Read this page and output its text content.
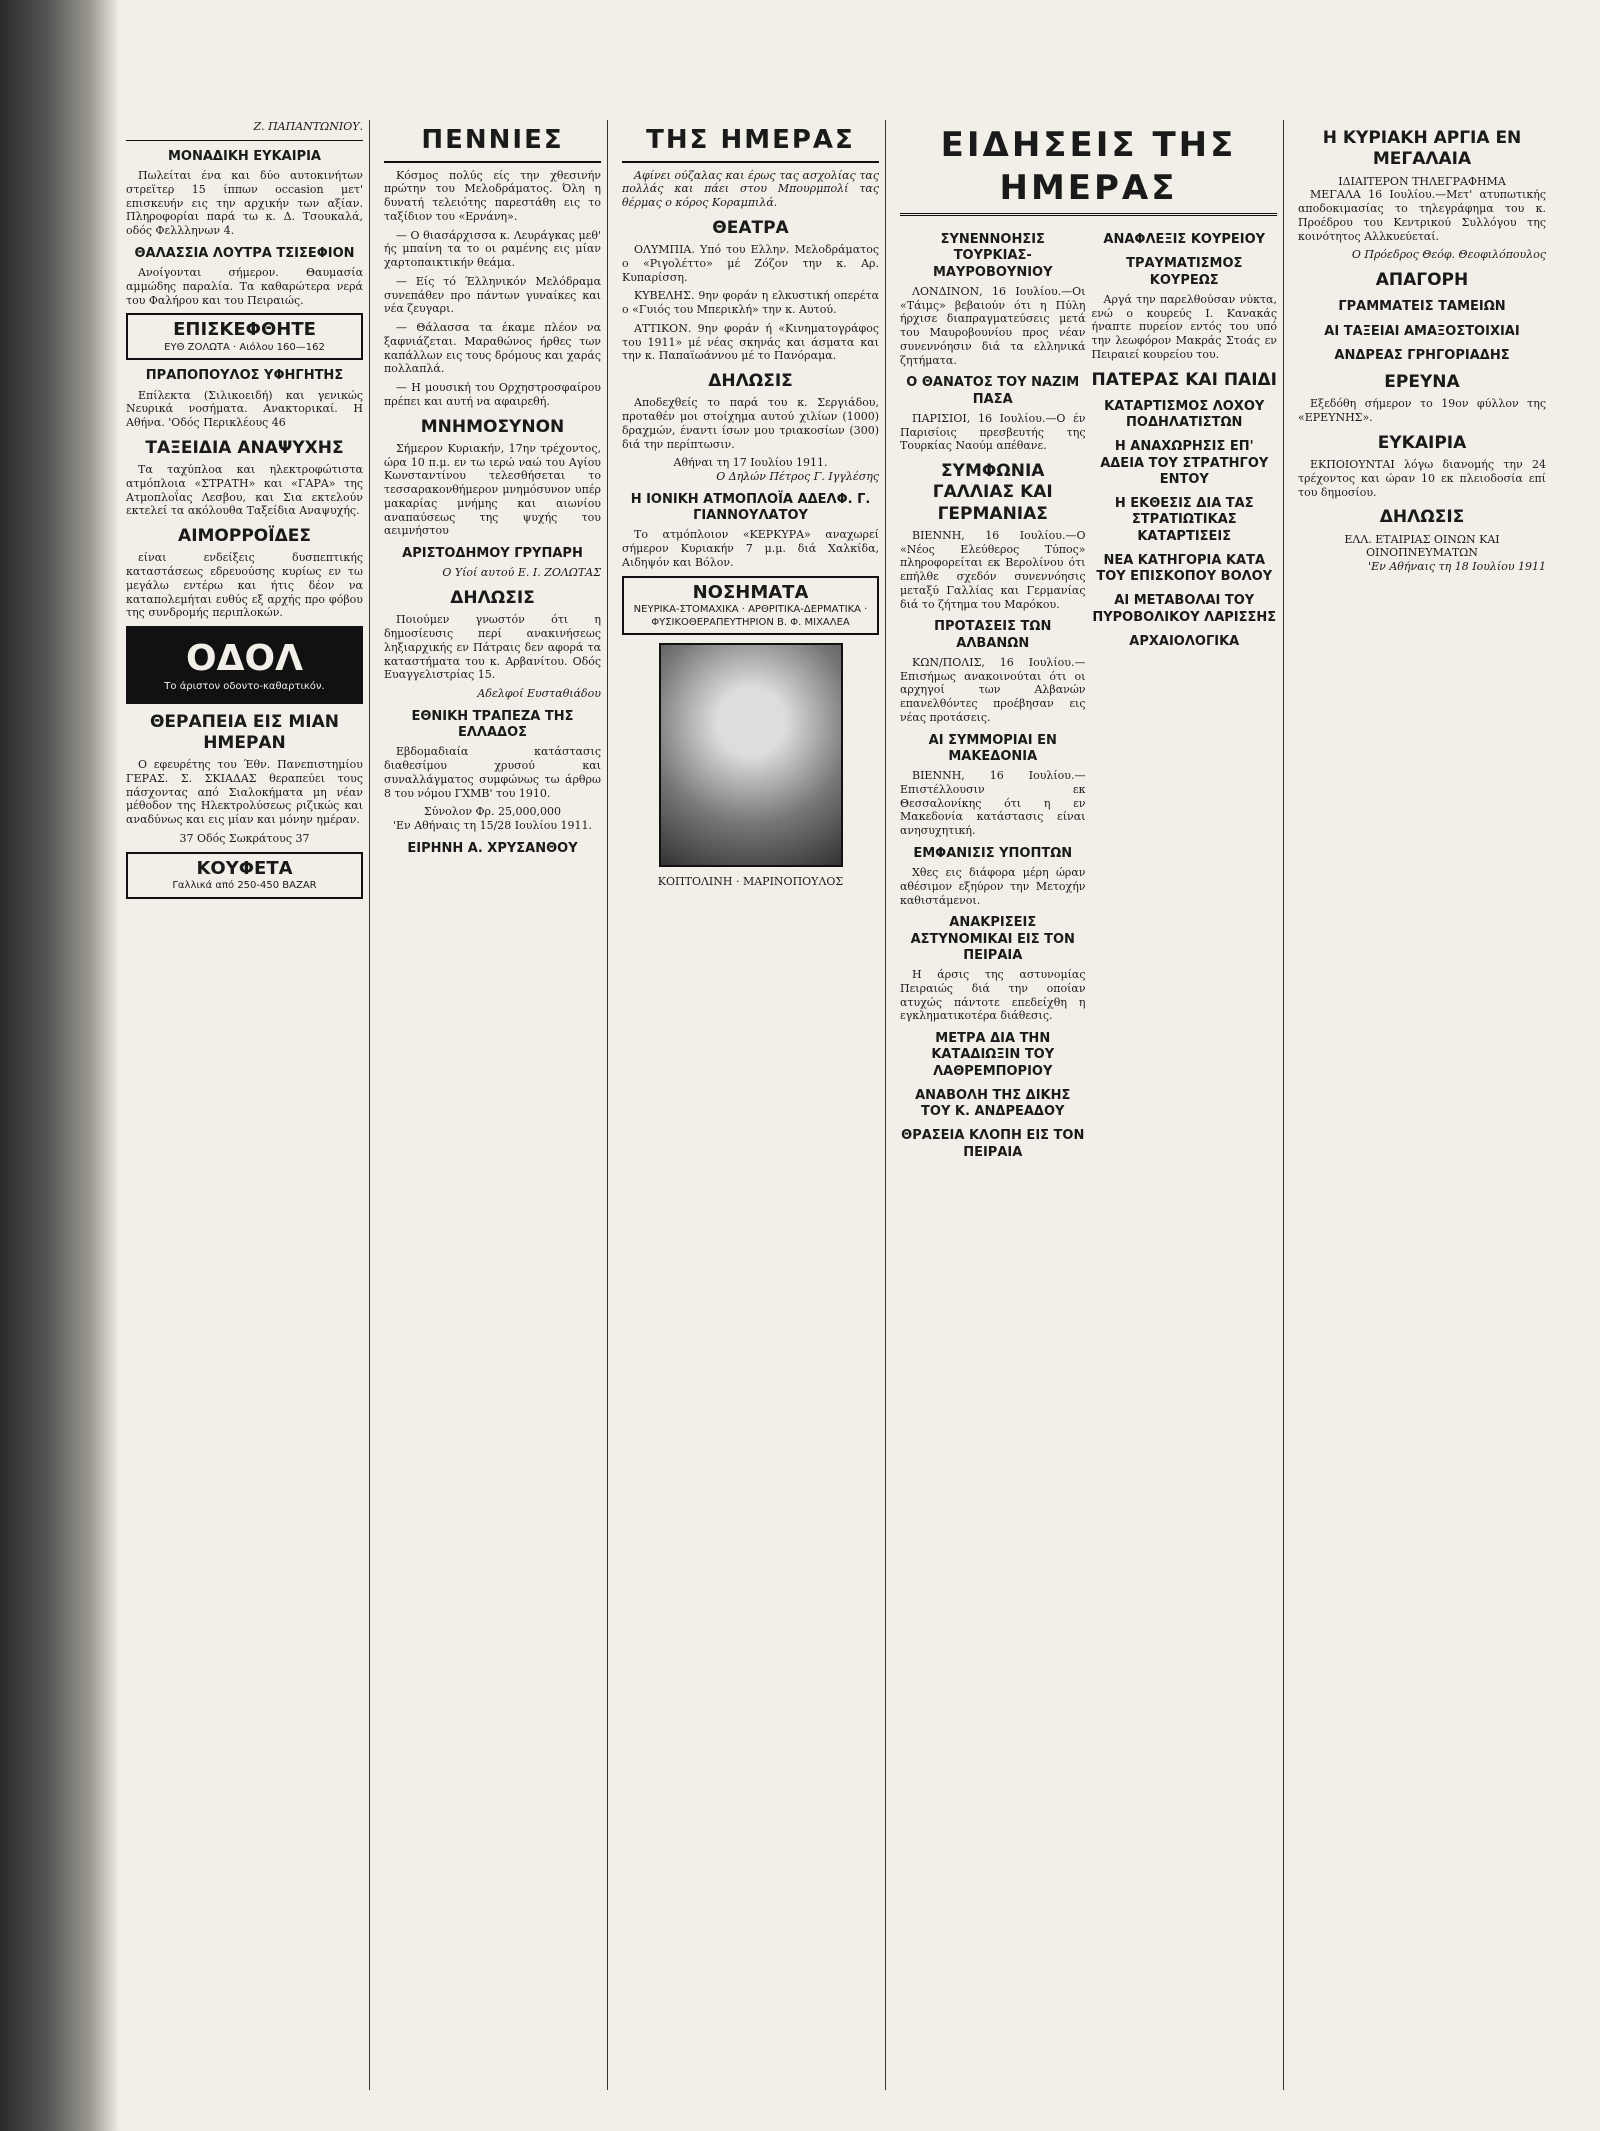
Ζ. ΠΑΠΑΝΤΩΝΙΟΥ.
ΜΟΝΑΔΙΚΗ ΕΥΚΑΙΡΙΑ

Πωλείται ένα και δύο αυτοκινήτων στρεϊτερ 15 ίππων occasion μετ' επισκευήν εις την αρχικήν των αξίαν. Πληροφορίαι παρά τω κ. Δ. Τσουκαλά, οδός Φελλληνων 4.

ΘΑΛΑΣΣΙΑ ΛΟΥΤΡΑ ΤΣΙΣΕΦΙΟΝ

Ανοίγονται σήμερον. Θαυμασία αμμώδης παραλία. Τα καθαρώτερα νερά του Φαλήρου και του Πειραιώς.

ΕΠΙΣΚΕΦΘΗΤΕ
ΕΥΘ ΖΟΛΩΤΑ · Αιόλου 160—162
ΠΡΑΠΟΠΟΥΛΟΣ ΥΦΗΓΗΤΗΣ

Επίλεκτα (Σιλικοειδή) και γενικώς Νευρικά νοσήματα. Ανακτορικαί. Η Αθήνα. 'Οδός Περικλέους 46

ΤΑΞΕΙΔΙΑ ΑΝΑΨΥΧΗΣ

Τα ταχύπλοα και ηλεκτροφώτιστα ατμόπλοια «ΣΤΡΑΤΗ» και «ΓΑΡΑ» της Ατμοπλοΐας Λεσβου, και Σια εκτελούν εκτελεί τα ακόλουθα Ταξείδια Αναψυχής.

ΑΙΜΟΡΡΟΪΔΕΣ

είναι ενδείξεις δυσπεπτικής καταστάσεως εδρευούσης κυρίως εν τω μεγάλω εντέρω και ήτις δέον να καταπολεμήται ευθύς εξ αρχής προ φόβου της συνδρομής περιπλοκών.

ΟΔΟΛ
Το άριστον οδοντο-καθαρτικόν.
ΘΕΡΑΠΕΙΑ ΕΙΣ ΜΙΑΝ ΗΜΕΡΑΝ

Ο εφευρέτης του Έθν. Πανεπιστημίου ΓΕΡΑΣ. Σ. ΣΚΙΑΔΑΣ θεραπεύει τους πάσχοντας από Σιαλοκήματα μη νέαν μέθοδον της Ηλεκτρολύσεως ριζικώς και αναδύνως και εις μίαν και μόνην ημέραν.

37 Οδός Σωκράτους 37
ΚΟΥΦΕΤΑ
Γαλλικά από 250-450 BAZAR
ΠΕΝΝΙΕΣ

Κόσμος πολύς είς την χθεσινήν πρώτην του Μελοδράματος. Όλη η δυνατή τελειότης παρεστάθη εις το ταξίδιον του «Ερνάνη».

— Ο θιασάρχισσα κ. Λευράγκας μεθ' ής μπαίνη τα το οι ραμένης εις μίαν χαρτοπαικτικήν θεάμα.

— Είς τό Έλληνικόν Μελόδραμα συνεπάθεν προ πάντων γυναίκες και νέα ζευγαρι.

— Θάλασσα τα έκαμε πλέον να ξαφνιάζεται. Μαραθώνος ήρθες των καπάλλων εις τους δρόμους και χαράς πολλαπλά.

— Η μουσική του Ορχηστροσφαίρου πρέπει και αυτή να αφαιρεθή.

ΜΝΗΜΟΣΥΝΟΝ

Σήμερον Κυριακήν, 17ην τρέχοντος, ώρα 10 π.μ. εν τω ιερώ ναώ του Αγίου Κωνσταντίνου τελεσθήσεται το τεσσαρακονθήμερον μνημόσυνον υπέρ μακαρίας μνήμης και αιωνίου αναπαύσεως της ψυχής του αειμνήστου

ΑΡΙΣΤΟΔΗΜΟΥ ΓΡΥΠΑΡΗ
Ο Υίοί αυτού Ε. Ι. ΖΟΛΩΤΑΣ
ΔΗΛΩΣΙΣ

Ποιούμεν γνωστόν ότι η δημοσίευσις περί ανακινήσεως ληξιαρχικής εν Πάτραις δεν αφορά τα καταστήματα του κ. Αρβανίτου. Οδός Ευαγγελιστρίας 15.

Αδελφοί Ευσταθιάδου
ΕΘΝΙΚΗ ΤΡΑΠΕΖΑ ΤΗΣ ΕΛΛΑΔΟΣ

Εβδομαδιαία κατάστασις διαθεσίμου χρυσού και συναλλάγματος συμφώνως τω άρθρω 8 του νόμου ΓΧΜΒ' του 1910.

Σύνολον Φρ. 25,000,000
'Εν Αθήναις τη 15/28 Ιουλίου 1911.
ΕΙΡΗΝΗ Α. ΧΡΥΣΑΝΘΟΥ
ΤΗΣ ΗΜΕΡΑΣ

Αφίνει ούζαλας και έρως τας ασχολίας τας πολλάς και πάει στου Μπουρμπολί τας θέρμας ο κόρος Κοραμπιλά.

ΘΕΑΤΡΑ

ΟΛΥΜΠΙΑ. Υπό του Ελλην. Μελοδράματος ο «Ριγολέττο» μέ Ζόζον την κ. Αρ. Κυπαρίσση.

ΚΥΒΕΛΗΣ. 9ην φοράν η ελκυστική οπερέτα ο «Γυιός του Μπερικλή» την κ. Αυτού.

ΑΤΤΙΚΟΝ. 9ην φοράν ή «Κινηματογράφος του 1911» μέ νέας σκηνάς και άσματα και την κ. Παπαϊωάννου μέ το Πανόραμα.

ΔΗΛΩΣΙΣ

Αποδεχθείς το παρά του κ. Σεργιάδου, προταθέν μοι στοίχημα αυτού χιλίων (1000) δραχμών, έναντι ίσων μου τριακοσίων (300) διά την περίπτωσιν.

Αθήναι τη 17 Ιουλίου 1911.
Ο Δηλών Πέτρος Γ. Ιγγλέσης
Η ΙΟΝΙΚΗ ΑΤΜΟΠΛΟΪΑ ΑΔΕΛΦ. Γ. ΓΙΑΝΝΟΥΛΑΤΟΥ

Το ατμόπλοιον «ΚΕΡΚΥΡΑ» αναχωρεί σήμερον Κυριακήν 7 μ.μ. διά Χαλκίδα, Αιδηψόν και Βόλον.

ΝΟΣΗΜΑΤΑ
ΝΕΥΡΙΚΑ-ΣΤΟΜΑΧΙΚΑ · ΑΡΘΡΙΤΙΚΑ-ΔΕΡΜΑΤΙΚΑ · ΦΥΣΙΚΟΘΕΡΑΠΕΥΤΗΡΙΟΝ Β. Φ. ΜΙΧΑΛΕΑ
ΚΟΠΤΟΛΙΝΗ · ΜΑΡΙΝΟΠΟΥΛΟΣ
ΕΙΔΗΣΕΙΣ ΤΗΣ ΗΜΕΡΑΣ
ΣΥΝΕΝΝΟΗΣΙΣ ΤΟΥΡΚΙΑΣ-ΜΑΥΡΟΒΟΥΝΙΟΥ

ΛΟΝΔΙΝΟΝ, 16 Ιουλίου.—Οι «Τάιμς» βεβαιούν ότι η Πύλη ήρχισε διαπραγματεύσεις μετά του Μαυροβουνίου προς νέαν συνεννόησιν διά τα ελληνικά ζητήματα.

Ο ΘΑΝΑΤΟΣ ΤΟΥ ΝΑΖΙΜ ΠΑΣΑ

ΠΑΡΙΣΙΟΙ, 16 Ιουλίου.—Ο έν Παρισίοις πρεσβευτής της Τουρκίας Ναούμ απέθανε.

ΣΥΜΦΩΝΙΑ ΓΑΛΛΙΑΣ ΚΑΙ ΓΕΡΜΑΝΙΑΣ

ΒΙΕΝΝΗ, 16 Ιουλίου.—Ο «Νέος Ελεύθερος Τύπος» πληροφορείται εκ Βερολίνου ότι επήλθε σχεδόν συνεννόησις μεταξύ Γαλλίας και Γερμανίας διά το ζήτημα του Μαρόκου.

ΠΡΟΤΑΣΕΙΣ ΤΩΝ ΑΛΒΑΝΩΝ

ΚΩΝ/ΠΟΛΙΣ, 16 Ιουλίου.—Επισήμως ανακοινούται ότι οι αρχηγοί των Αλβανών επανελθόντες προέβησαν εις νέας προτάσεις.

ΑΙ ΣΥΜΜΟΡΙΑΙ ΕΝ ΜΑΚΕΔΟΝΙΑ

ΒΙΕΝΝΗ, 16 Ιουλίου.—Επιστέλλουσιν εκ Θεσσαλονίκης ότι η εν Μακεδονία κατάστασις είναι ανησυχητική.

ΕΜΦΑΝΙΣΙΣ ΥΠΟΠΤΩΝ

Χθες εις διάφορα μέρη ώραν αθέσιμον εξηύρον την Μετοχήν καθιστάμενοι.

ΑΝΑΚΡΙΣΕΙΣ ΑΣΤΥΝΟΜΙΚΑΙ ΕΙΣ ΤΟΝ ΠΕΙΡΑΙΑ

Η άρσις της αστυνομίας Πειραιώς διά την οποίαν ατυχώς πάντοτε επεδείχθη η εγκληματικοτέρα διάθεσις.

ΜΕΤΡΑ ΔΙΑ ΤΗΝ ΚΑΤΑΔΙΩΞΙΝ ΤΟΥ ΛΑΘΡΕΜΠΟΡΙΟΥ
ΑΝΑΒΟΛΗ ΤΗΣ ΔΙΚΗΣ ΤΟΥ Κ. ΑΝΔΡΕΑΔΟΥ
ΘΡΑΣΕΙΑ ΚΛΟΠΗ ΕΙΣ ΤΟΝ ΠΕΙΡΑΙΑ
ΑΝΑΦΛΕΞΙΣ ΚΟΥΡΕΙΟΥ
ΤΡΑΥΜΑΤΙΣΜΟΣ ΚΟΥΡΕΩΣ

Αργά την παρελθούσαν νύκτα, ενώ ο κουρεύς Ι. Κανακάς ήναπτε πυρείον εντός του υπό την λεωφόρον Μακράς Στοάς εν Πειραιεί κουρείου του.

ΠΑΤΕΡΑΣ ΚΑΙ ΠΑΙΔΙ
ΚΑΤΑΡΤΙΣΜΟΣ ΛΟΧΟΥ ΠΟΔΗΛΑΤΙΣΤΩΝ
Η ΑΝΑΧΩΡΗΣΙΣ ΕΠ' ΑΔΕΙΑ ΤΟΥ ΣΤΡΑΤΗΓΟΥ ΕΝΤΟΥ
Η ΕΚΘΕΣΙΣ ΔΙΑ ΤΑΣ ΣΤΡΑΤΙΩΤΙΚΑΣ ΚΑΤΑΡΤΙΣΕΙΣ
ΝΕΑ ΚΑΤΗΓΟΡΙΑ ΚΑΤΑ ΤΟΥ ΕΠΙΣΚΟΠΟΥ ΒΟΛΟΥ
ΑΙ ΜΕΤΑΒΟΛΑΙ ΤΟΥ ΠΥΡΟΒΟΛΙΚΟΥ ΛΑΡΙΣΣΗΣ
ΑΡΧΑΙΟΛΟΓΙΚΑ
Η ΚΥΡΙΑΚΗ ΑΡΓΙΑ ΕΝ ΜΕΓΑΛΑΙΑ
ΙΔΙΑΙΤΕΡΟΝ ΤΗΛΕΓΡΑΦΗΜΑ

ΜΕΓΑΛΑ 16 Ιουλίου.—Μετ' ατυπωτικής αποδοκιμασίας το τηλεγράφημα του κ. Προέδρου του Κεντρικού Συλλόγου της κοινότητος Αλλκυεύεταί.

Ο Πρόεδρος Θεόφ. Θεοφιλόπουλος
ΑΠΑΓΟΡΗ
ΓΡΑΜΜΑΤΕΙΣ ΤΑΜΕΙΩΝ
ΑΙ ΤΑΞΕΙΑΙ ΑΜΑΞΟΣΤΟΙΧΙΑΙ
ΑΝΔΡΕΑΣ ΓΡΗΓΟΡΙΑΔΗΣ
ΕΡΕΥΝΑ

Εξεδόθη σήμερον το 19ον φύλλον της «ΕΡΕΥΝΗΣ».

ΕΥΚΑΙΡΙΑ

ΕΚΠΟΙΟΥΝΤΑΙ λόγω διανομής την 24 τρέχοντος και ώραν 10 εκ πλειοδοσία επί του δημοσίου.

ΔΗΛΩΣΙΣ
ΕΛΛ. ΕΤΑΙΡΙΑΣ ΟΙΝΩΝ ΚΑΙ ΟΙΝΟΠΝΕΥΜΑΤΩΝ
'Εν Αθήναις τη 18 Ιουλίου 1911
